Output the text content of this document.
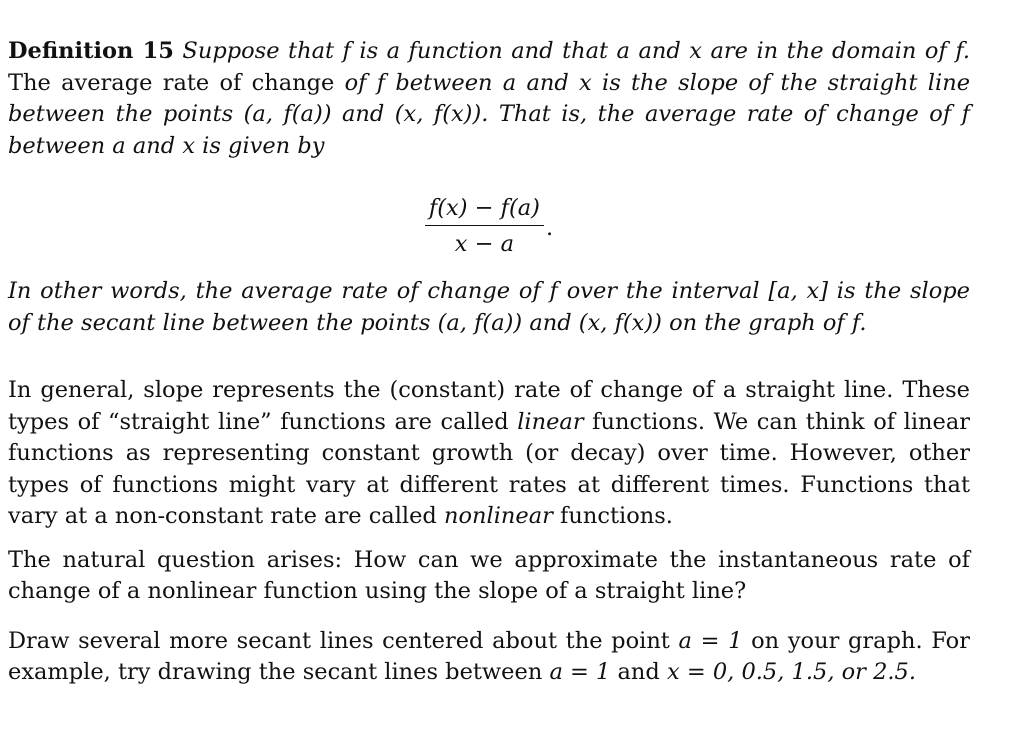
Definition 15 Suppose that f is a function and that a and x are in the domain of f. The average rate of change of f between a and x is the slope of the straight line between the points (a, f(a)) and (x, f(x)). That is, the average rate of change of f between a and x is given by

$\frac{f(x) - f(a)}{x - a}$ .

In other words, the average rate of change of f over the interval [a, x] is the slope of the secant line between the points (a, f(a)) and (x, f(x)) on the graph of f.

In general, slope represents the (constant) rate of change of a straight line. These types of “straight line” functions are called linear functions. We can think of linear functions as representing constant growth (or decay) over time. However, other types of functions might vary at different rates at different times. Functions that vary at a non-constant rate are called nonlinear functions.

The natural question arises: How can we approximate the instantaneous rate of change of a nonlinear function using the slope of a straight line?

Draw several more secant lines centered about the point a = 1 on your graph. For example, try drawing the secant lines between a = 1 and x = 0, 0.5, 1.5, or 2.5.
